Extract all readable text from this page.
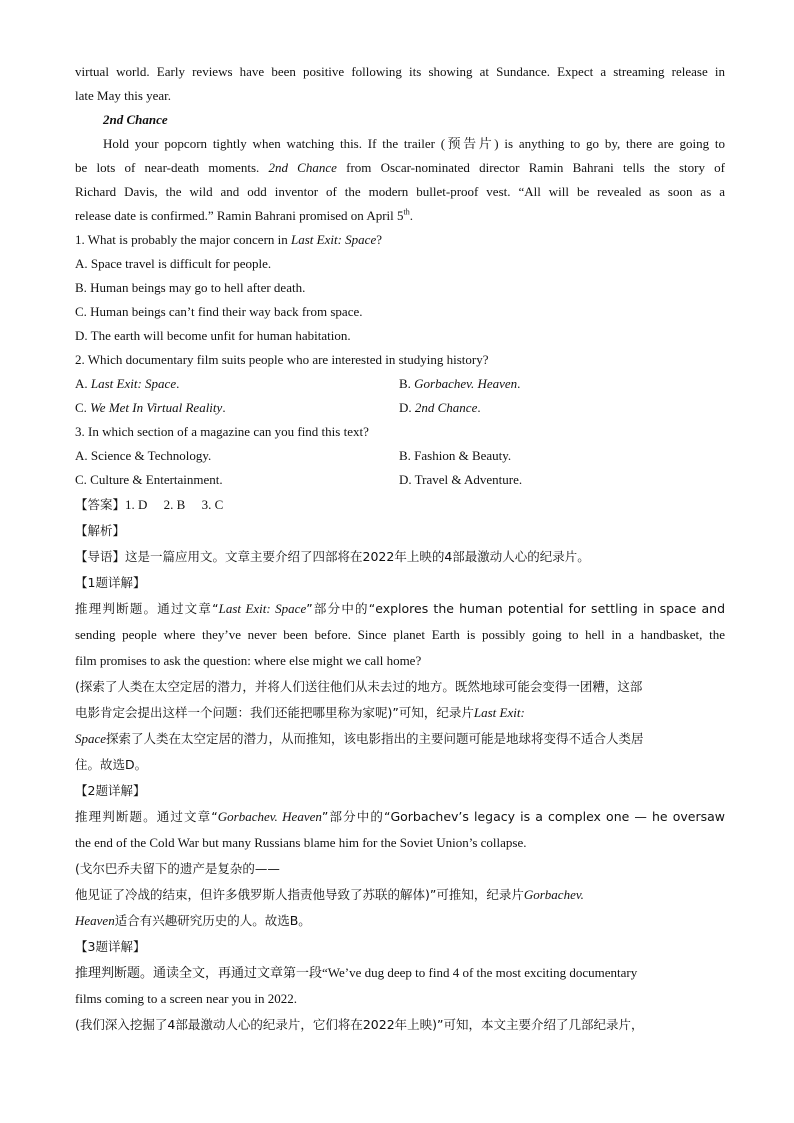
virtual world. Early reviews have been positive following its showing at Sundance. Expect a streaming release in

late May this year.

2nd Chance

Hold your popcorn tightly when watching this. If the trailer (预告片) is anything to go by, there are going to

be lots of near-death moments. 2nd Chance from Oscar-nominated director Ramin Bahrani tells the story of

Richard Davis, the wild and odd inventor of the modern bullet-proof vest. “All will be revealed as soon as a

release date is confirmed.” Ramin Bahrani promised on April 5th.

1. What is probably the major concern in Last Exit: Space?

A. Space travel is difficult for people.

B. Human beings may go to hell after death.

C. Human beings can’t find their way back from space.

D. The earth will become unfit for human habitation.

2. Which documentary film suits people who are interested in studying history?

A. Last Exit: Space.	B. Gorbachev. Heaven.

C. We Met In Virtual Reality.	D. 2nd Chance.

3. In which section of a magazine can you find this text?

A. Science & Technology.	B. Fashion & Beauty.

C. Culture & Entertainment.	D. Travel & Adventure.

【答案】1. D     2. B     3. C

【解析】

【导语】这是一篇应用文。文章主要介绍了四部将在2022年上映的4部最激动人心的纪录片。

【1题详解】

推理判断题。通过文章“Last Exit: Space”部分中的“explores the human potential for settling in space and

sending people where they’ve never been before. Since planet Earth is possibly going to hell in a handbasket, the

film promises to ask the question: where else might we call home?

(探索了人类在太空定居的潜力，并将人们送往他们从未去过的地方。既然地球可能会变得一团糟，这部

电影肯定会提出这样一个问题：我们还能把哪里称为家呢)”可知，纪录片Last Exit:

Space探索了人类在太空定居的潜力，从而推知，该电影指出的主要问题可能是地球将变得不适合人类居

住。故选D。

【2题详解】

推理判断题。通过文章“Gorbachev. Heaven”部分中的“Gorbachev’s legacy is a complex one — he oversaw

the end of the Cold War but many Russians blame him for the Soviet Union’s collapse.

(戈尔巴乔夫留下的遗产是复杂的——

他见证了冷战的结束，但许多俄罗斯人指责他导致了苏联的解体)”可推知，纪录片Gorbachev.

Heaven适合有兴趣研究历史的人。故选B。

【3题详解】

推理判断题。通读全文，再通过文章第一段“We’ve dug deep to find 4 of the most exciting documentary

films coming to a screen near you in 2022.

(我们深入挖掘了4部最激动人心的纪录片，它们将在2022年上映)”可知，本文主要介绍了几部纪录片，
